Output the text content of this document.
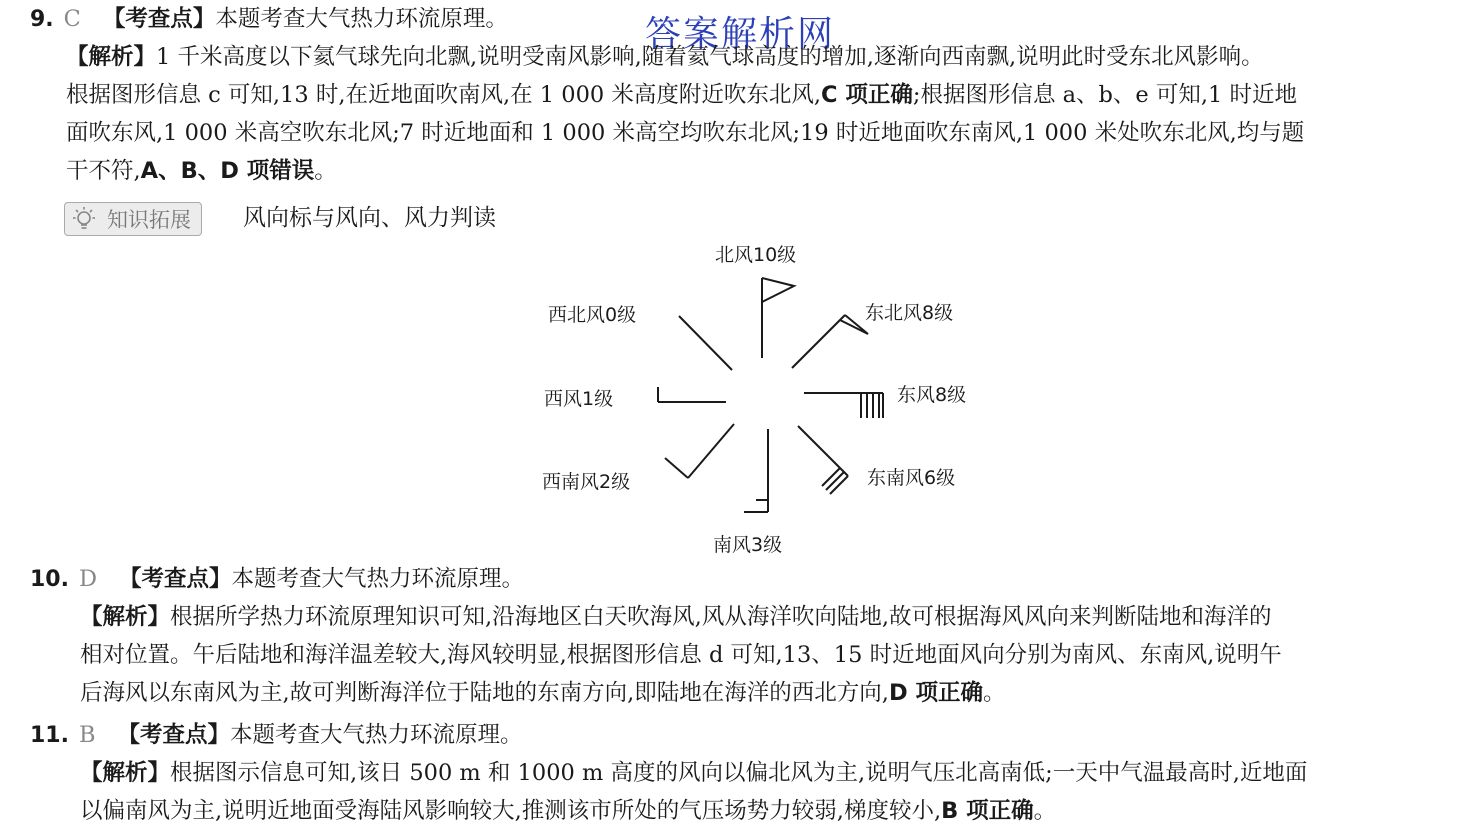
答案解析网
9. C 【考查点】本题考查大气热力环流原理。
【解析】1 千米高度以下氦气球先向北飘,说明受南风影响,随着氦气球高度的增加,逐渐向西南飘,说明此时受东北风影响。
根据图形信息 c 可知,13 时,在近地面吹南风,在 1 000 米高度附近吹东北风,C 项正确;根据图形信息 a、b、e 可知,1 时近地
面吹东风,1 000 米高空吹东北风;7 时近地面和 1 000 米高空均吹东北风;19 时近地面吹东南风,1 000 米处吹东北风,均与题
干不符,A、B、D 项错误。
知识拓展 风向标与风向、风力判读
北风10级
东北风8级
东风8级
东南风6级
南风3级
西南风2级
西风1级
西北风0级
10. D 【考查点】本题考查大气热力环流原理。
【解析】根据所学热力环流原理知识可知,沿海地区白天吹海风,风从海洋吹向陆地,故可根据海风风向来判断陆地和海洋的
相对位置。午后陆地和海洋温差较大,海风较明显,根据图形信息 d 可知,13、15 时近地面风向分别为南风、东南风,说明午
后海风以东南风为主,故可判断海洋位于陆地的东南方向,即陆地在海洋的西北方向,D 项正确。
11. B 【考查点】本题考查大气热力环流原理。
【解析】根据图示信息可知,该日 500 m 和 1000 m 高度的风向以偏北风为主,说明气压北高南低;一天中气温最高时,近地面
以偏南风为主,说明近地面受海陆风影响较大,推测该市所处的气压场势力较弱,梯度较小,B 项正确。
